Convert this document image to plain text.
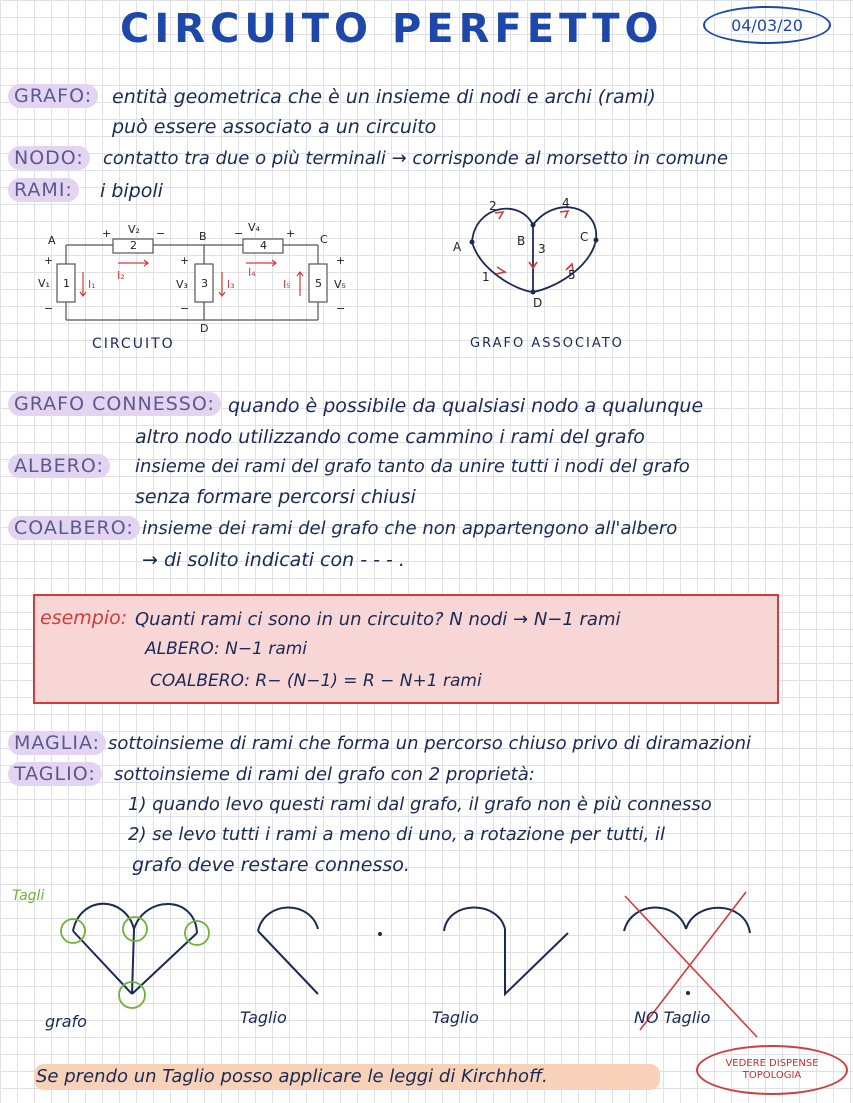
CIRCUITO PERFETTO	04/03/20
GRAFO:	entità geometrica che è un insieme di nodi e archi (rami)
può essere associato a un circuito
NODO:	contatto tra due o più terminali → corrisponde al morsetto in comune
RAMI:	i bipoli
A	B	C
D
V₂	V₄
V₁	V₃	V₅
2	4
1	3	5
I₁
I₂
I₃
I₄
I₅
+	−	−	+
+
−
+
−
+
−
CIRCUITO
A	B	C
D
1
2
3
4
5
GRAFO ASSOCIATO
GRAFO CONNESSO: quando è possibile da qualsiasi nodo a qualunque
altro nodo utilizzando come cammino i rami del grafo
ALBERO:	insieme dei rami del grafo tanto da unire tutti i nodi del grafo
senza formare percorsi chiusi
COALBERO: insieme dei rami del grafo che non appartengono all'albero
→ di solito indicati con - - - .
esempio: Quanti rami ci sono in un circuito? N nodi → N−1 rami
ALBERO: N−1 rami
COALBERO: R− (N−1) = R − N+1 rami
MAGLIA: sottoinsieme di rami che forma un percorso chiuso privo di diramazioni
TAGLIO:	sottoinsieme di rami del grafo con 2 proprietà:
1) quando levo questi rami dal grafo, il grafo non è più connesso
2) se levo tutti i rami a meno di uno, a rotazione per tutti, il
grafo deve restare connesso.
Tagli
grafo	Taglio	Taglio	NO Taglio
Se prendo un Taglio posso applicare le leggi di Kirchhoff.
VEDERE DISPENSE
TOPOLOGIA
